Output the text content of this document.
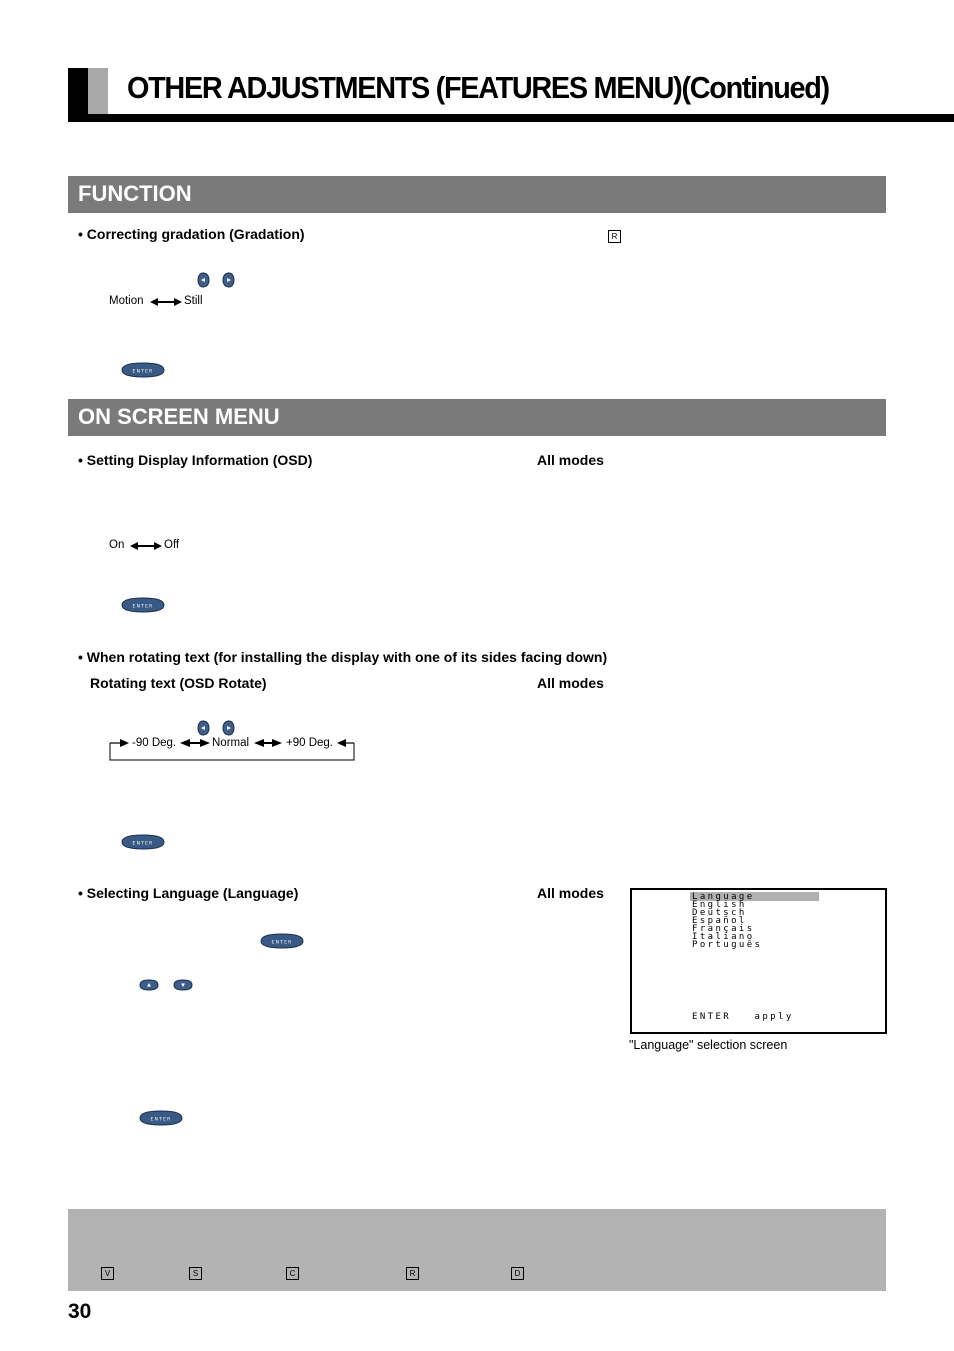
OTHER ADJUSTMENTS (FEATURES MENU)(Continued)
FUNCTION
• Correcting gradation (Gradation)	R
Motion	Still
ENTER
ON SCREEN MENU
• Setting Display Information (OSD)	All modes
On	Off
ENTER
• When rotating text (for installing the display with one of its sides facing down)
Rotating text (OSD Rotate)	All modes
-90 Deg.	Normal	+90 Deg.
ENTER
• Selecting Language (Language)	All modes
ENTER
ENTER
Language
English
Deutsch
Español
Français
Italiano
Português
ENTER   apply
"Language" selection screen
V	S	C	R	D
30
